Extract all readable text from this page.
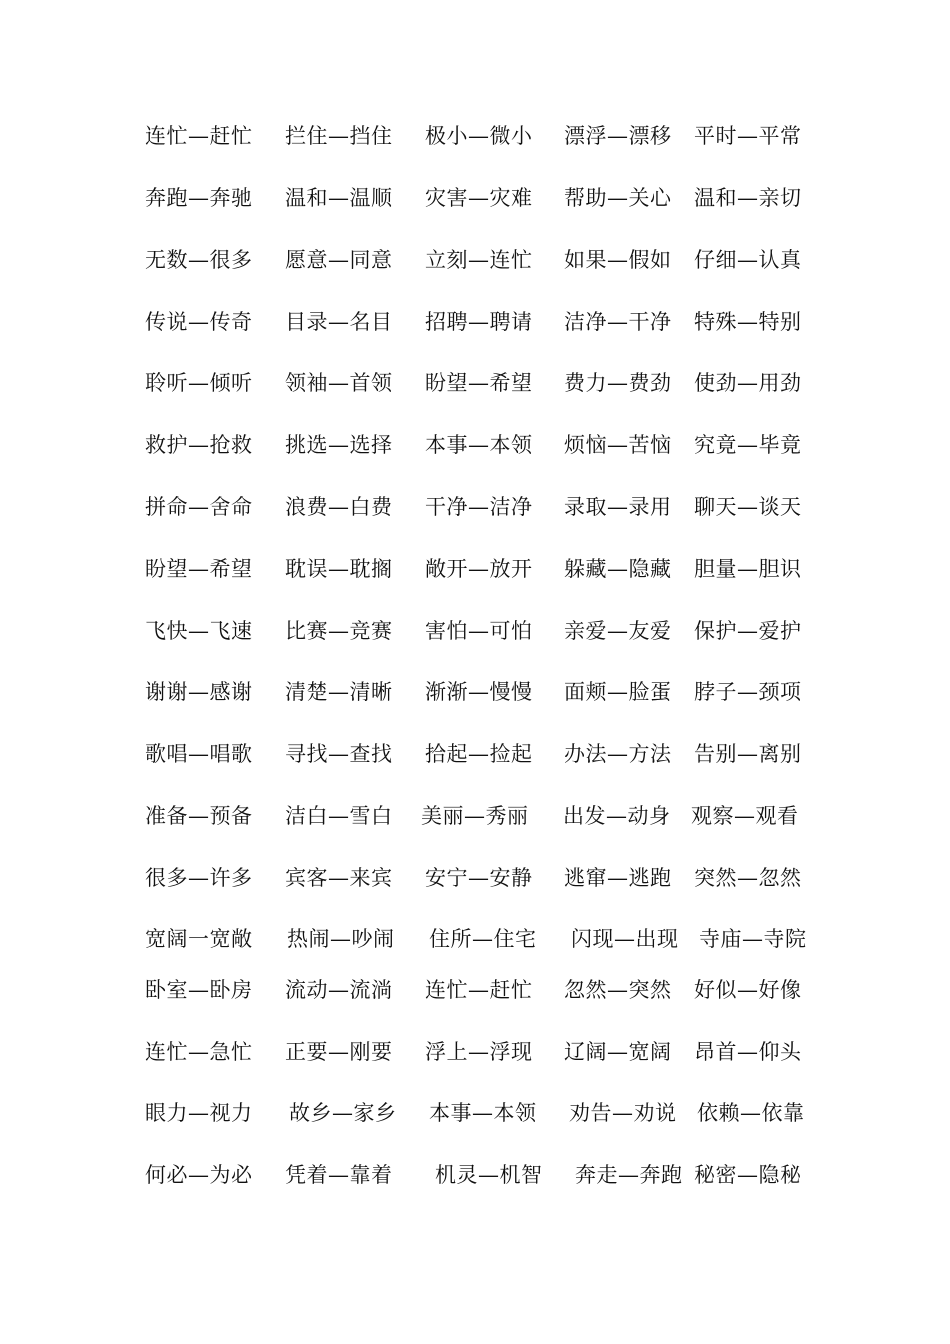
连忙—赶忙 拦住—挡住 极小—微小 漂浮—漂移 平时—平常
奔跑—奔驰 温和—温顺 灾害—灾难 帮助—关心 温和—亲切
无数—很多 愿意—同意 立刻—连忙 如果—假如 仔细—认真
传说—传奇 目录—名目 招聘—聘请 洁净—干净 特殊—特别
聆听—倾听 领袖—首领 盼望—希望 费力—费劲 使劲—用劲
救护—抢救 挑选—选择 本事—本领 烦恼—苦恼 究竟—毕竟
拼命—舍命 浪费—白费 干净—洁净 录取—录用 聊天—谈天
盼望—希望 耽误—耽搁 敞开—放开 躲藏—隐藏 胆量—胆识
飞快—飞速 比赛—竞赛 害怕—可怕 亲爱—友爱 保护—爱护
谢谢—感谢 清楚—清晰 渐渐—慢慢 面颊—脸蛋 脖子—颈项
歌唱—唱歌 寻找—查找 拾起—捡起 办法—方法 告别—离别
准备—预备 洁白—雪白 美丽—秀丽 出发—动身 观察—观看
很多—许多 宾客—来宾 安宁—安静 逃窜—逃跑 突然—忽然
宽阔一宽敞 热闹—吵闹 住所—住宅 闪现—出现 寺庙—寺院
卧室—卧房 流动—流淌 连忙—赶忙 忽然—突然 好似—好像
连忙—急忙 正要—刚要 浮上—浮现 辽阔—宽阔 昂首—仰头
眼力—视力 故乡—家乡 本事—本领 劝告—劝说 依赖—依靠
何必—为必 凭着—靠着 机灵—机智 奔走—奔跑 秘密—隐秘
